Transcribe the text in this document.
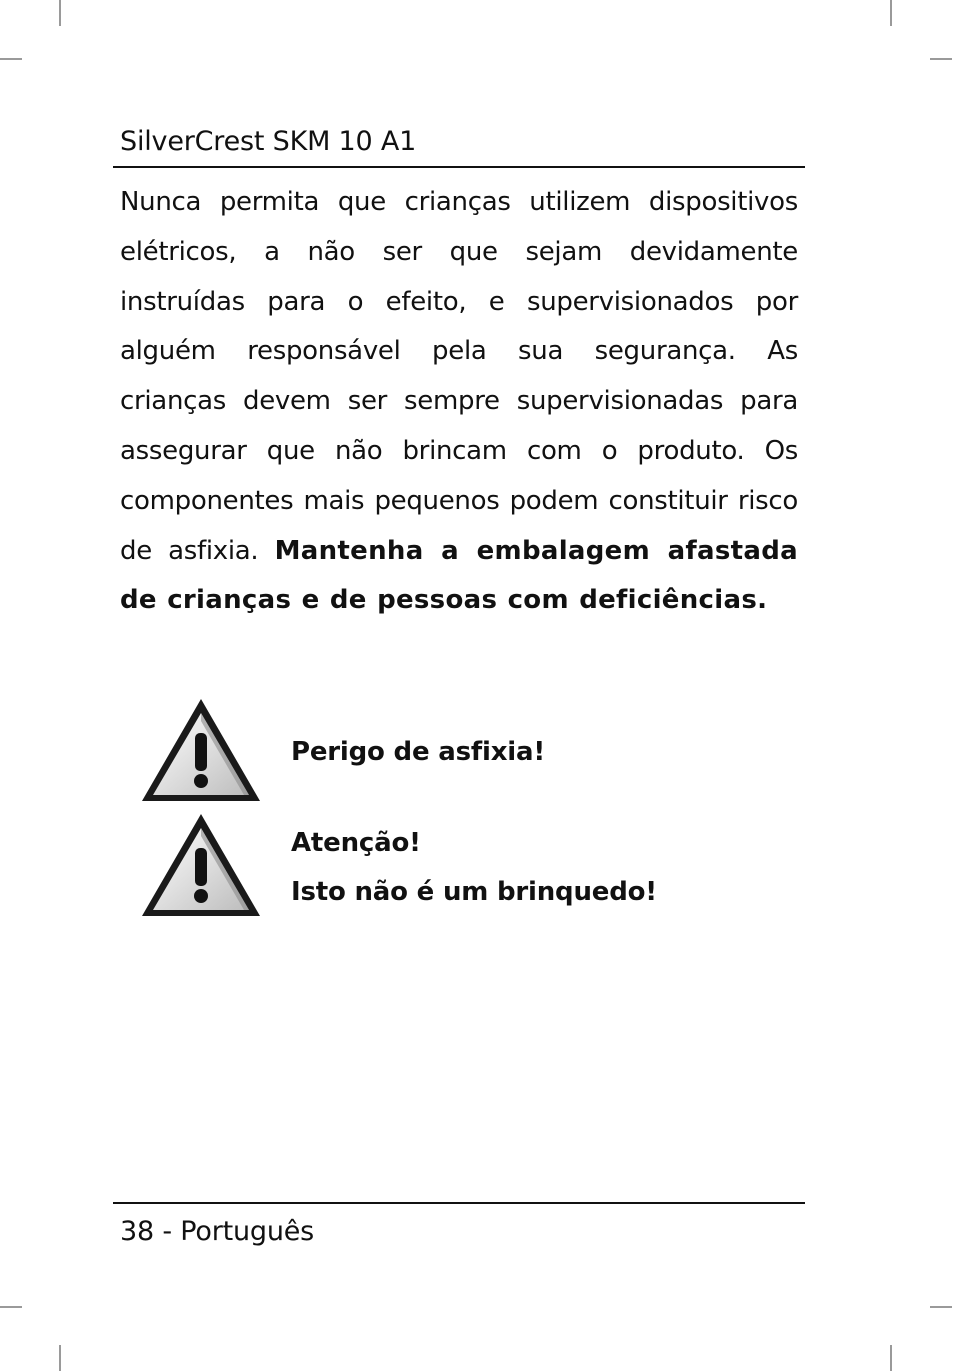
SilverCrest SKM 10 A1
Nunca permita que crianças utilizem dispositivos elétricos, a não ser que sejam devidamente instruídas para o efeito, e supervisionados por alguém responsável pela sua segurança. As crianças devem ser sempre supervisionadas para assegurar que não brincam com o produto. Os componentes mais pequenos podem constituir risco de asfixia. Mantenha a embalagem afastada de crianças e de pessoas com deficiências.
Perigo de asfixia!
Atenção!
Isto não é um brinquedo!
38 - Português
